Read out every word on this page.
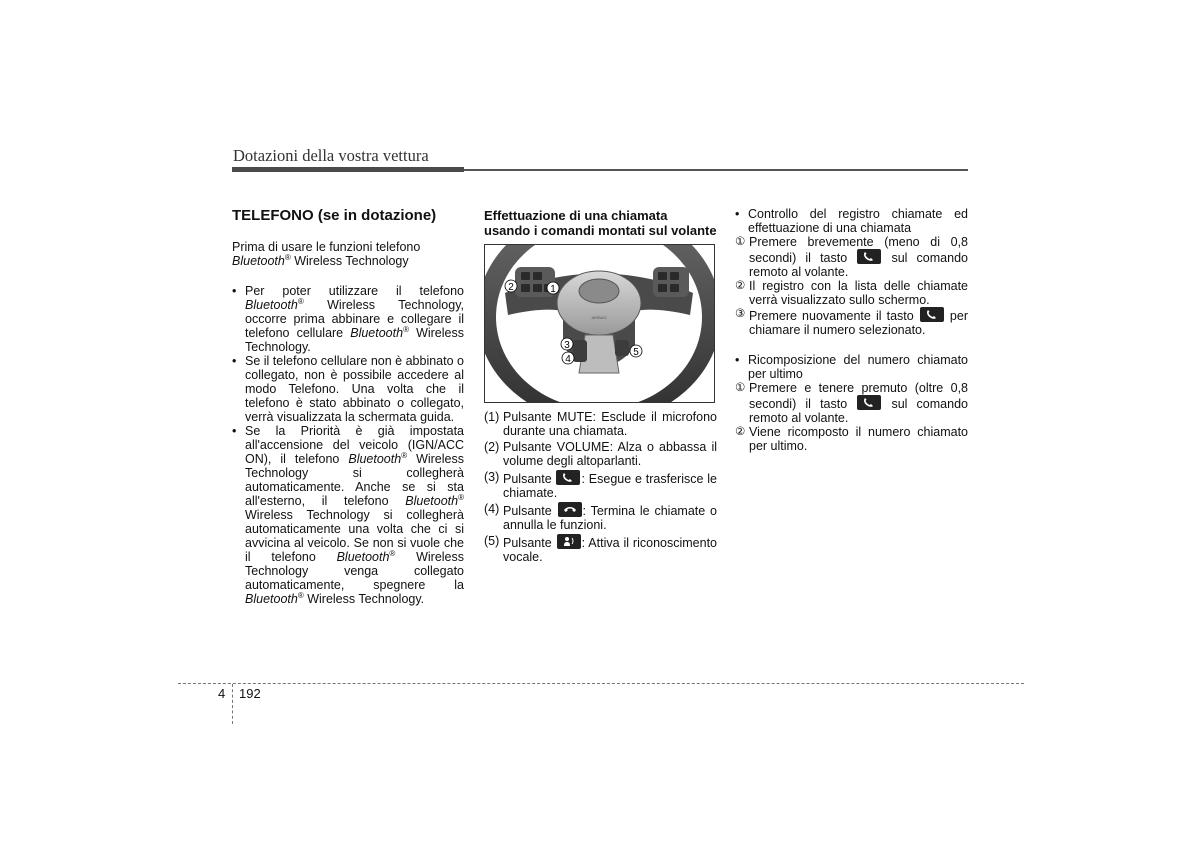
Dotazioni della vostra vettura
TELEFONO (se in dotazione)

Prima di usare le funzioni telefono
Bluetooth® Wireless Technology

• Per poter utilizzare il telefono Bluetooth® Wireless Technology, occorre prima abbinare e collegare il telefono cellulare Bluetooth® Wireless Technology.
• Se il telefono cellulare non è abbinato o collegato, non è possibile accedere al modo Telefono. Una volta che il telefono è stato abbinato o collegato, verrà visualizzata la schermata guida.
• Se la Priorità è già impostata all'accensione del veicolo (IGN/ACC ON), il telefono Bluetooth® Wireless Technology si collegherà automaticamente. Anche se si sta all'esterno, il telefono Bluetooth® Wireless Technology si collegherà automaticamente una volta che ci si avvicina al veicolo. Se non si vuole che il telefono Bluetooth® Wireless Technology venga collegato automaticamente, spegnere la Bluetooth® Wireless Technology.
Effettuazione di una chiamata usando i comandi montati sul volante
AIRBAG
2	1
3
4
5
(1) Pulsante MUTE: Esclude il microfono durante una chiamata.
(2) Pulsante VOLUME: Alza o abbassa il volume degli altoparlanti.
(3) Pulsante
: Esegue e trasferisce le chiamate.
(4) Pulsante
: Termina le chiamate o annulla le funzioni.
(5) Pulsante
: Attiva il riconoscimento vocale.
• Controllo del registro chiamate ed effettuazione di una chiamata
① Premere brevemente (meno di 0,8 secondi) il tasto
sul comando remoto al volante.
② Il registro con la lista delle chiamate verrà visualizzato sullo schermo.
③ Premere nuovamente il tasto
per chiamare il numero selezionato.
• Ricomposizione del numero chiamato per ultimo
① Premere e tenere premuto (oltre 0,8 secondi) il tasto
sul comando remoto al volante.
② Viene ricomposto il numero chiamato per ultimo.
4 192
